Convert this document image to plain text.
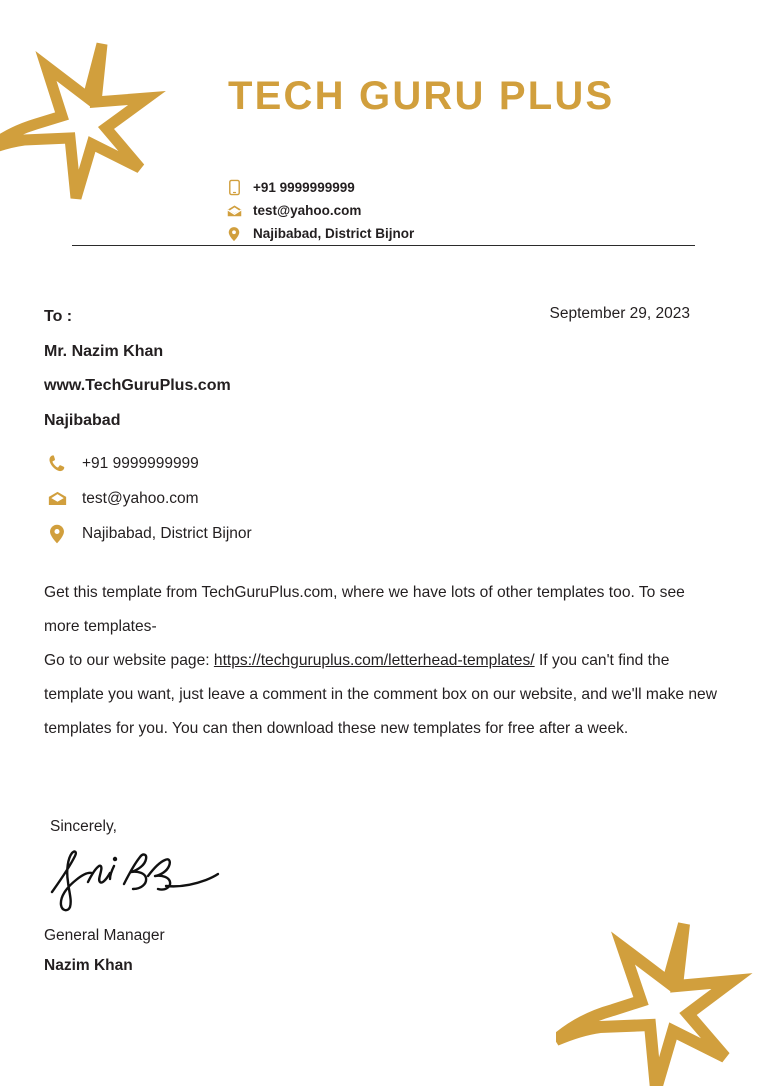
TECH GURU PLUS
+91 9999999999
test@yahoo.com
Najibabad, District Bijnor
September 29, 2023
To :
Mr. Nazim Khan
www.TechGuruPlus.com
Najibabad
+91 9999999999
test@yahoo.com
Najibabad, District Bijnor
Get this template from TechGuruPlus.com, where we have lots of other templates too. To see more templates-
Go to our website page: https://techguruplus.com/letterhead-templates/ If you can't find the template you want, just leave a comment in the comment box on our website, and we'll make new templates for you. You can then download these new templates for free after a week.
Sincerely,
General Manager
Nazim Khan
